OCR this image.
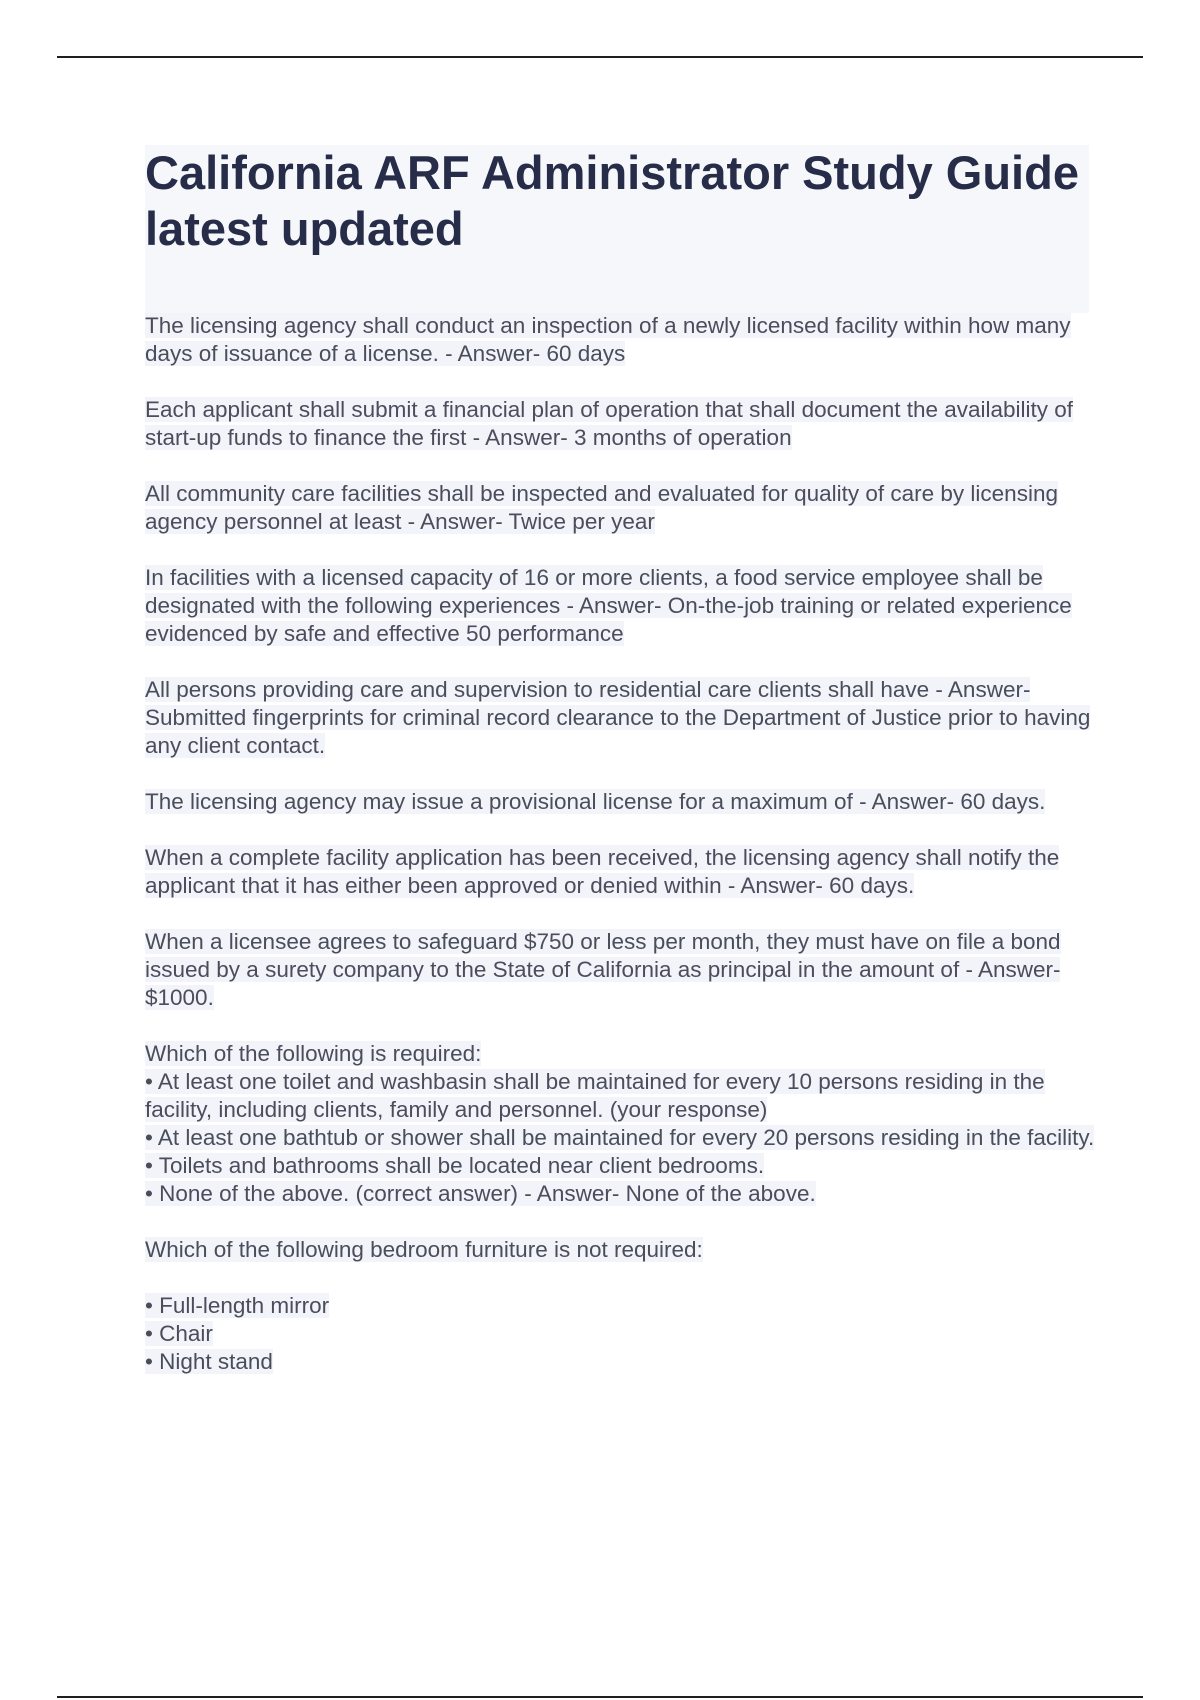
California ARF Administrator Study Guide latest updated

The licensing agency shall conduct an inspection of a newly licensed facility within how many days of issuance of a license. - Answer- 60 days

Each applicant shall submit a financial plan of operation that shall document the availability of start-up funds to finance the first - Answer- 3 months of operation

All community care facilities shall be inspected and evaluated for quality of care by licensing agency personnel at least - Answer- Twice per year

In facilities with a licensed capacity of 16 or more clients, a food service employee shall be designated with the following experiences - Answer- On-the-job training or related experience evidenced by safe and effective 50 performance

All persons providing care and supervision to residential care clients shall have - Answer- Submitted fingerprints for criminal record clearance to the Department of Justice prior to having any client contact.

The licensing agency may issue a provisional license for a maximum of - Answer- 60 days.

When a complete facility application has been received, the licensing agency shall notify the applicant that it has either been approved or denied within - Answer- 60 days.

When a licensee agrees to safeguard $750 or less per month, they must have on file a bond issued by a surety company to the State of California as principal in the amount of - Answer- $1000.

Which of the following is required:
• At least one toilet and washbasin shall be maintained for every 10 persons residing in the facility, including clients, family and personnel. (your response)
• At least one bathtub or shower shall be maintained for every 20 persons residing in the facility.
• Toilets and bathrooms shall be located near client bedrooms.
• None of the above. (correct answer) - Answer- None of the above.
Which of the following bedroom furniture is not required:
• Full-length mirror
• Chair
• Night stand
